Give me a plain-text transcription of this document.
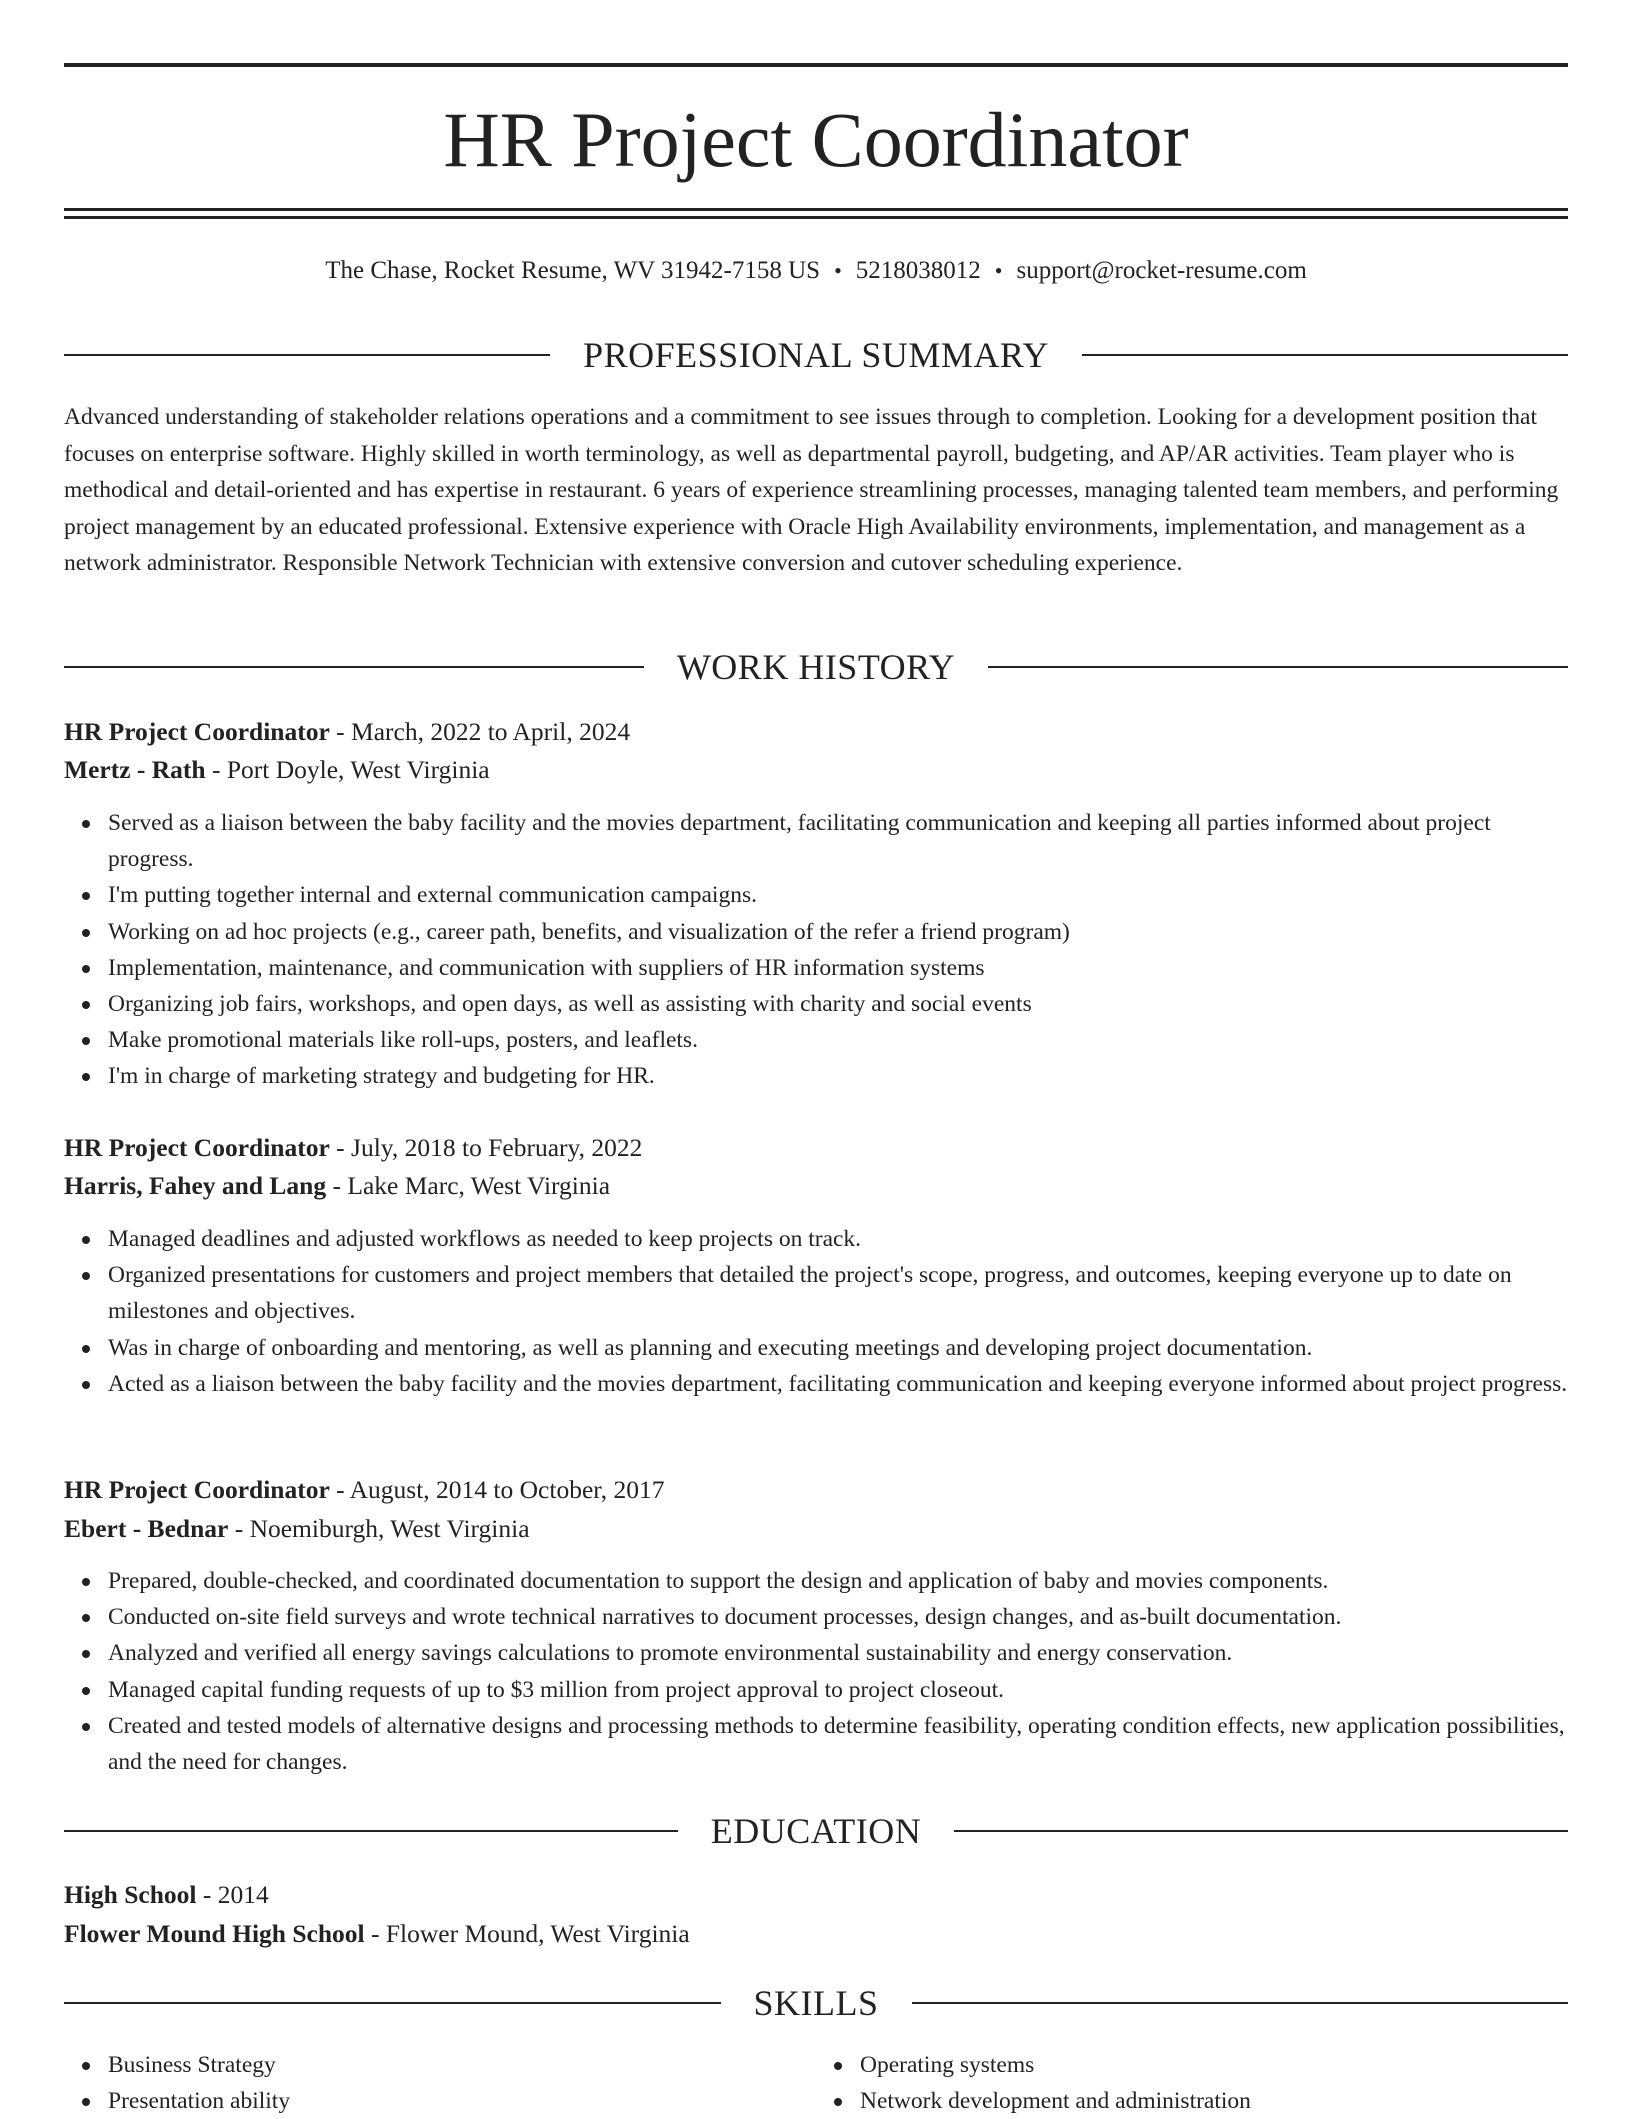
HR Project Coordinator
The Chase, Rocket Resume, WV 31942-7158 US • 5218038012 • support@rocket-resume.com
PROFESSIONAL SUMMARY
Advanced understanding of stakeholder relations operations and a commitment to see issues through to completion. Looking for a development position that focuses on enterprise software. Highly skilled in worth terminology, as well as departmental payroll, budgeting, and AP/AR activities. Team player who is methodical and detail-oriented and has expertise in restaurant. 6 years of experience streamlining processes, managing talented team members, and performing project management by an educated professional. Extensive experience with Oracle High Availability environments, implementation, and management as a network administrator. Responsible Network Technician with extensive conversion and cutover scheduling experience.
WORK HISTORY
HR Project Coordinator - March, 2022 to April, 2024
Mertz - Rath - Port Doyle, West Virginia
Served as a liaison between the baby facility and the movies department, facilitating communication and keeping all parties informed about project progress.
I'm putting together internal and external communication campaigns.
Working on ad hoc projects (e.g., career path, benefits, and visualization of the refer a friend program)
Implementation, maintenance, and communication with suppliers of HR information systems
Organizing job fairs, workshops, and open days, as well as assisting with charity and social events
Make promotional materials like roll-ups, posters, and leaflets.
I'm in charge of marketing strategy and budgeting for HR.
HR Project Coordinator - July, 2018 to February, 2022
Harris, Fahey and Lang - Lake Marc, West Virginia
Managed deadlines and adjusted workflows as needed to keep projects on track.
Organized presentations for customers and project members that detailed the project's scope, progress, and outcomes, keeping everyone up to date on milestones and objectives.
Was in charge of onboarding and mentoring, as well as planning and executing meetings and developing project documentation.
Acted as a liaison between the baby facility and the movies department, facilitating communication and keeping everyone informed about project progress.
HR Project Coordinator - August, 2014 to October, 2017
Ebert - Bednar - Noemiburgh, West Virginia
Prepared, double-checked, and coordinated documentation to support the design and application of baby and movies components.
Conducted on-site field surveys and wrote technical narratives to document processes, design changes, and as-built documentation.
Analyzed and verified all energy savings calculations to promote environmental sustainability and energy conservation.
Managed capital funding requests of up to $3 million from project approval to project closeout.
Created and tested models of alternative designs and processing methods to determine feasibility, operating condition effects, new application possibilities, and the need for changes.
EDUCATION
High School - 2014
Flower Mound High School - Flower Mound, West Virginia
SKILLS
Business Strategy
Presentation ability
Operating systems
Network development and administration
